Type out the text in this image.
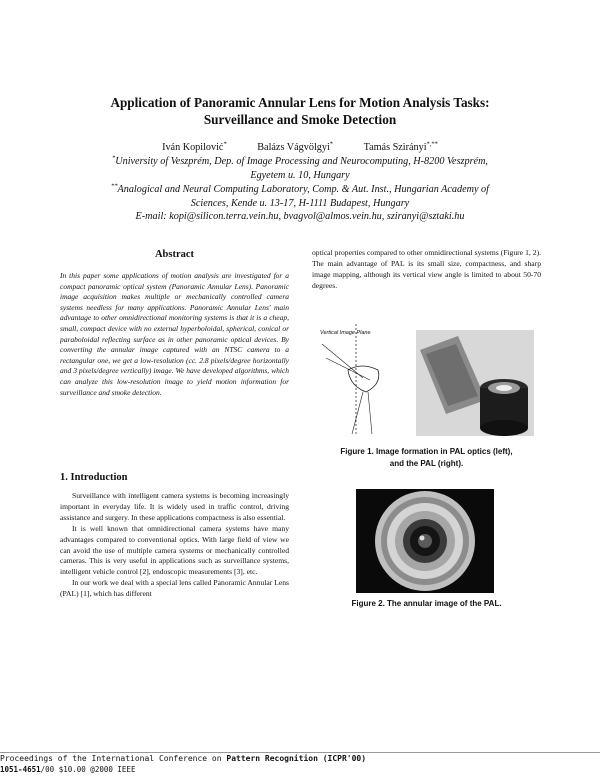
Application of Panoramic Annular Lens for Motion Analysis Tasks:
Surveillance and Smoke Detection
Iván Kopilović*	Balázs Vágvölgyi*	Tamás Szirányi*,**
*University of Veszprém, Dep. of Image Processing and Neurocomputing, H-8200 Veszprém,
Egyetem u. 10, Hungary
**Analogical and Neural Computing Laboratory, Comp. & Aut. Inst., Hungarian Academy of
Sciences, Kende u. 13-17, H-1111 Budapest, Hungary
E-mail: kopi@silicon.terra.vein.hu, bvagvol@almos.vein.hu, sziranyi@sztaki.hu
Abstract
In this paper some applications of motion analysis are investigated for a compact panoramic optical system (Panoramic Annular Lens). Panoramic image acquisition makes multiple or mechanically controlled camera systems needless for many applications. Panoramic Annular Lens' main advantage to other omnidirectional monitoring systems is that it is a cheap, small, compact device with no external hyperboloidal, spherical, conical or paraboloidal reflecting surface as in other panoramic optical devices. By converting the annular image captured with an NTSC camera to a rectangular one, we get a low-resolution (cc. 2.8 pixels/degree horizontally and 3 pixels/degree vertically) image. We have developed algorithms, which can analyze this low-resolution image to yield motion information for surveillance and smoke detection.
1. Introduction

Surveillance with intelligent camera systems is becoming increasingly important in everyday life. It is widely used in traffic control, driving assistance and surgery. In these applications compactness is also essential.

It is well known that omnidirectional camera systems have many advantages compared to conventional optics. With large field of view we can avoid the use of multiple camera systems or mechanically controlled cameras. This is very useful in applications such as surveillance systems, intelligent vehicle control [2], endoscopic measurements [3], etc.

In our work we deal with a special lens called Panoramic Annular Lens (PAL) [1], which has different

optical properties compared to other omnidirectional systems (Figure 1, 2). The main advantage of PAL is its small size, compactness, and sharp image mapping, although its vertical view angle is limited to about 50-70 degrees.

Vertical Image Plane
Figure 1. Image formation in PAL optics (left),
and the PAL (right).
Figure 2. The annular image of the PAL.
Proceedings of the International Conference on Pattern Recognition (ICPR'00)
1051-4651/00 $10.00 @2000 IEEE
